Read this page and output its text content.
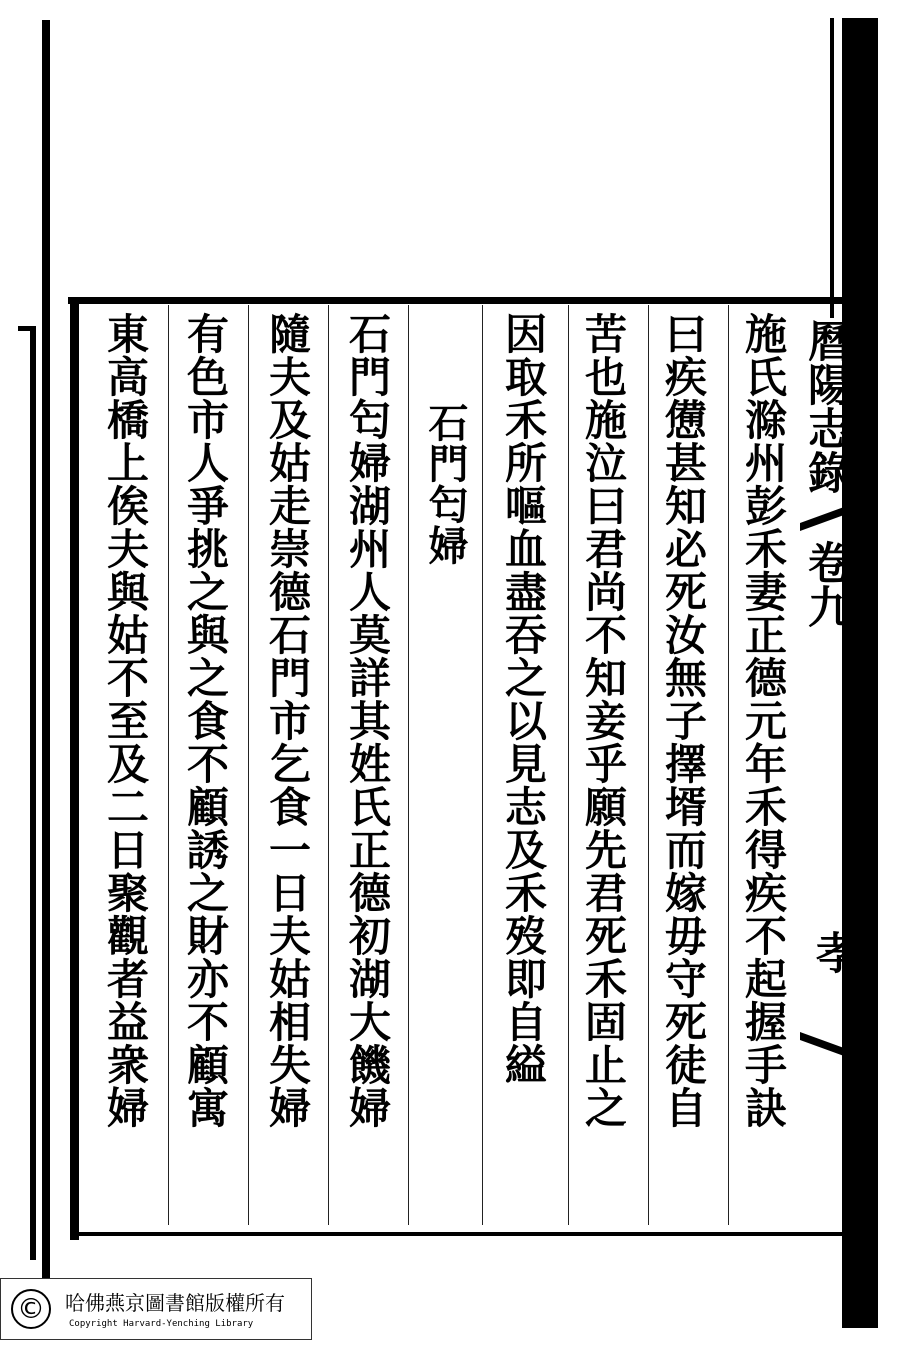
曆陽志錄
卷九
孝
施氏滁州彭禾妻正德元年禾得疾不起握手訣
曰疾憊甚知必死汝無子擇壻而嫁毋守死徒自
苦也施泣曰君尚不知妾乎願先君死禾固止之
因取禾所嘔血盡吞之以見志及禾歿即自縊
石門匄婦
石門匄婦湖州人莫詳其姓氏正德初湖大饑婦
隨夫及姑走崇德石門市乞食一日夫姑相失婦
有色市人爭挑之與之食不顧誘之財亦不顧寓
東高橋上俟夫與姑不至及二日聚觀者益衆婦
©	哈佛燕京圖書館版權所有
Copyright Harvard-Yenching Library
